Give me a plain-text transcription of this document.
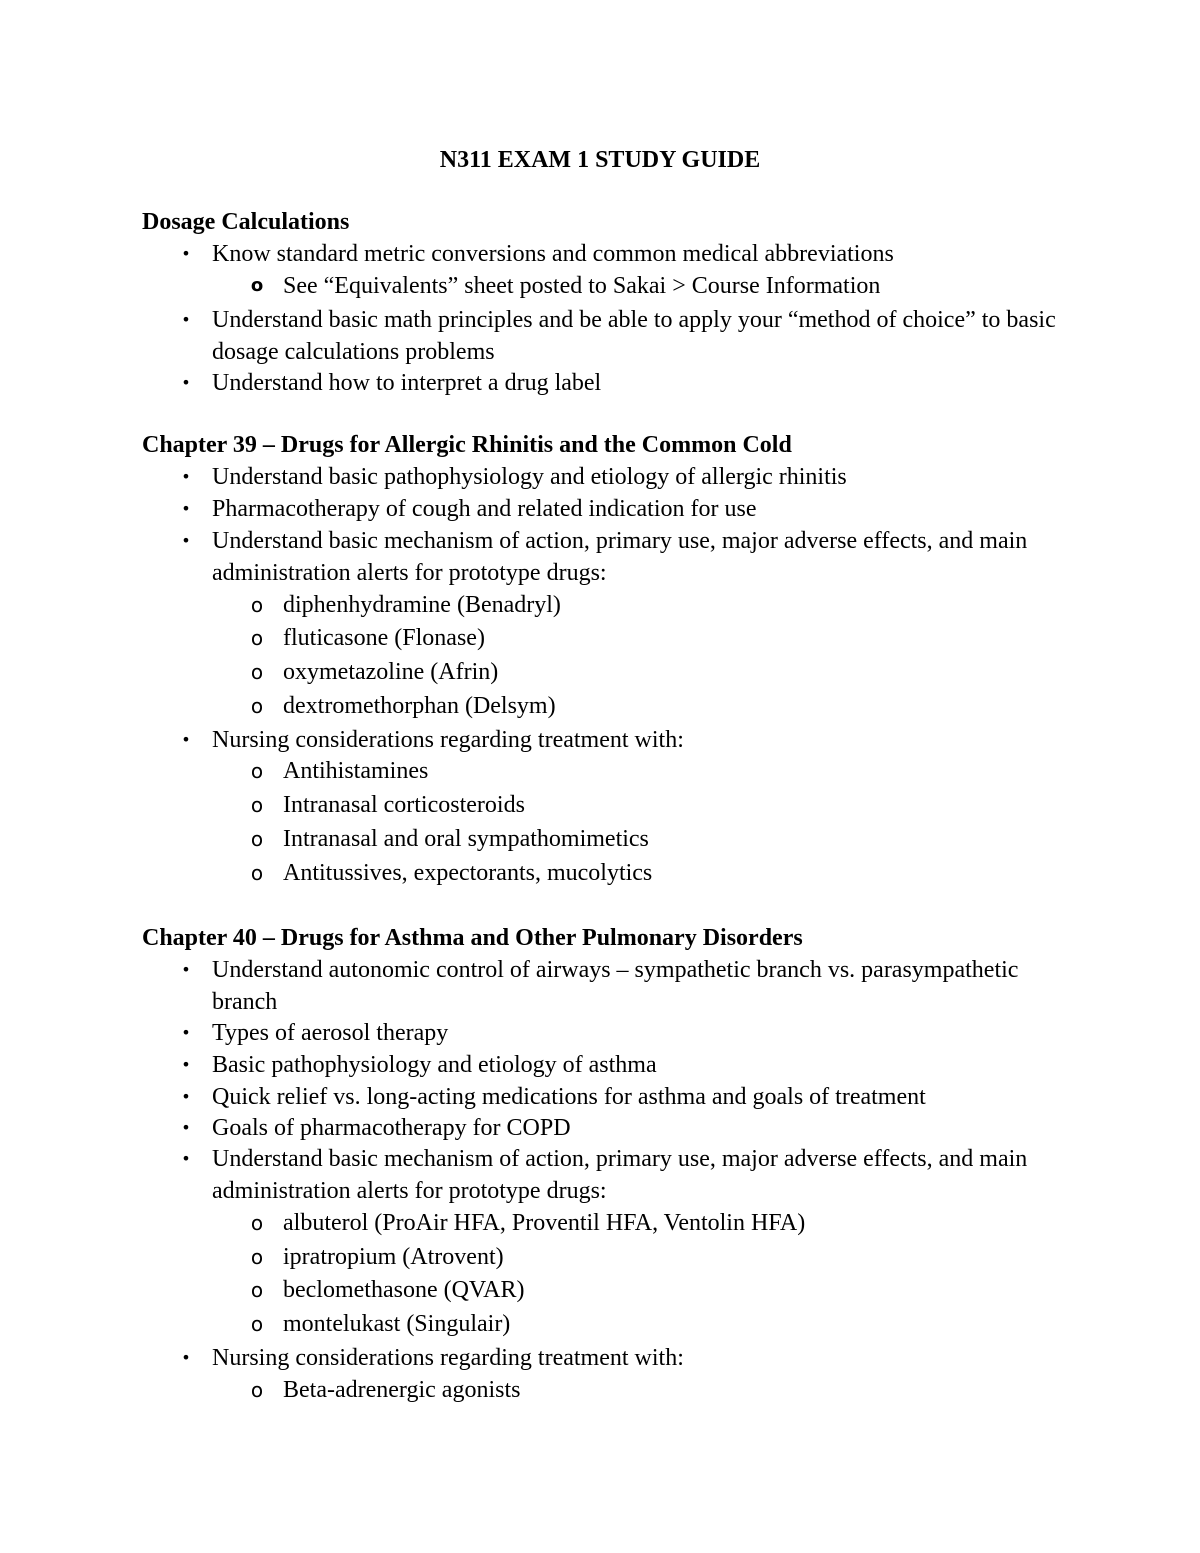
N311 EXAM 1 STUDY GUIDE
Dosage Calculations
• Know standard metric conversions and common medical abbreviations
o See “Equivalents” sheet posted to Sakai > Course Information
• Understand basic math principles and be able to apply your “method of choice” to basic dosage calculations problems
• Understand how to interpret a drug label
Chapter 39 – Drugs for Allergic Rhinitis and the Common Cold
• Understand basic pathophysiology and etiology of allergic rhinitis
• Pharmacotherapy of cough and related indication for use
• Understand basic mechanism of action, primary use, major adverse effects, and main administration alerts for prototype drugs:
o diphenhydramine (Benadryl)
o fluticasone (Flonase)
o oxymetazoline (Afrin)
o dextromethorphan (Delsym)
• Nursing considerations regarding treatment with:
o Antihistamines
o Intranasal corticosteroids
o Intranasal and oral sympathomimetics
o Antitussives, expectorants, mucolytics
Chapter 40 – Drugs for Asthma and Other Pulmonary Disorders
• Understand autonomic control of airways – sympathetic branch vs. parasympathetic branch
• Types of aerosol therapy
• Basic pathophysiology and etiology of asthma
• Quick relief vs. long-acting medications for asthma and goals of treatment
• Goals of pharmacotherapy for COPD
• Understand basic mechanism of action, primary use, major adverse effects, and main administration alerts for prototype drugs:
o albuterol (ProAir HFA, Proventil HFA, Ventolin HFA)
o ipratropium (Atrovent)
o beclomethasone (QVAR)
o montelukast (Singulair)
• Nursing considerations regarding treatment with:
o Beta-adrenergic agonists
